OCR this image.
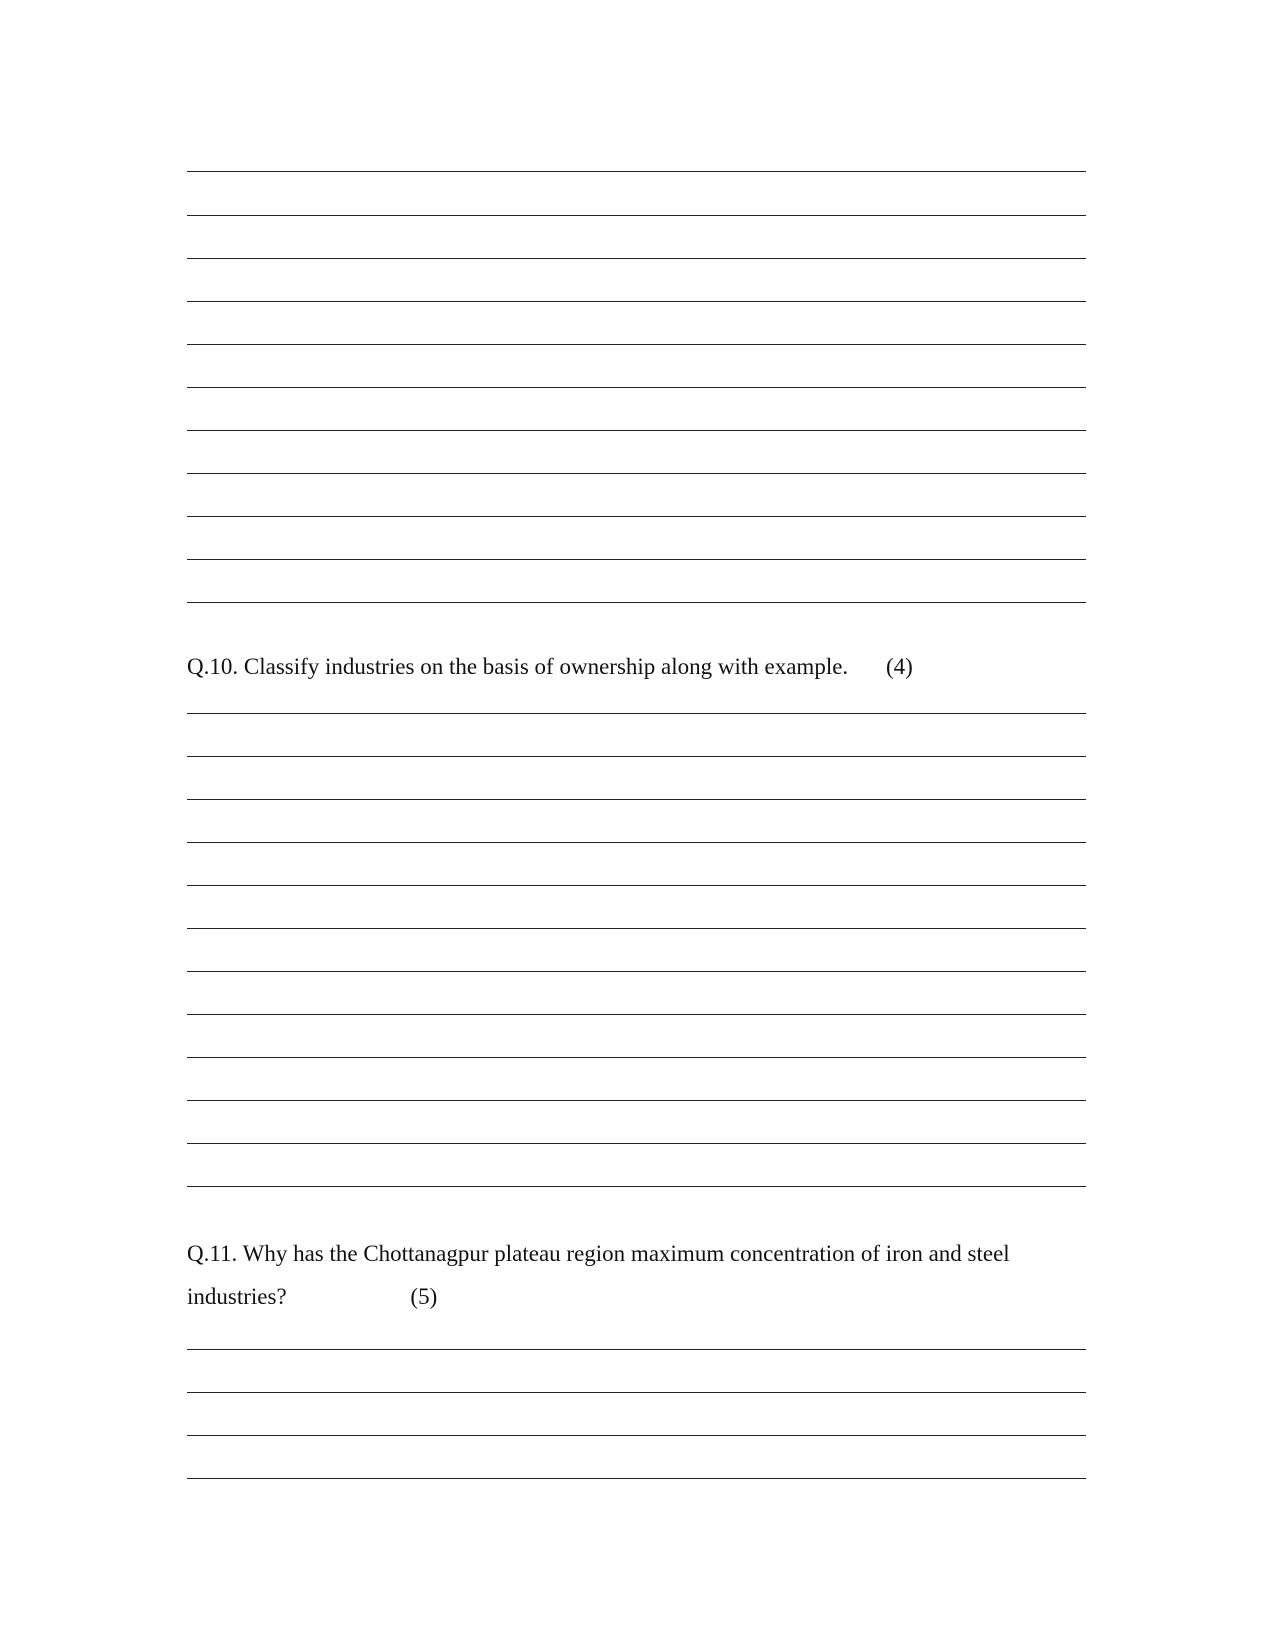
Q.10. Classify industries on the basis of ownership along with example. (4)
Q.11. Why has the Chottanagpur plateau region maximum concentration of iron and steel
industries?	(5)
